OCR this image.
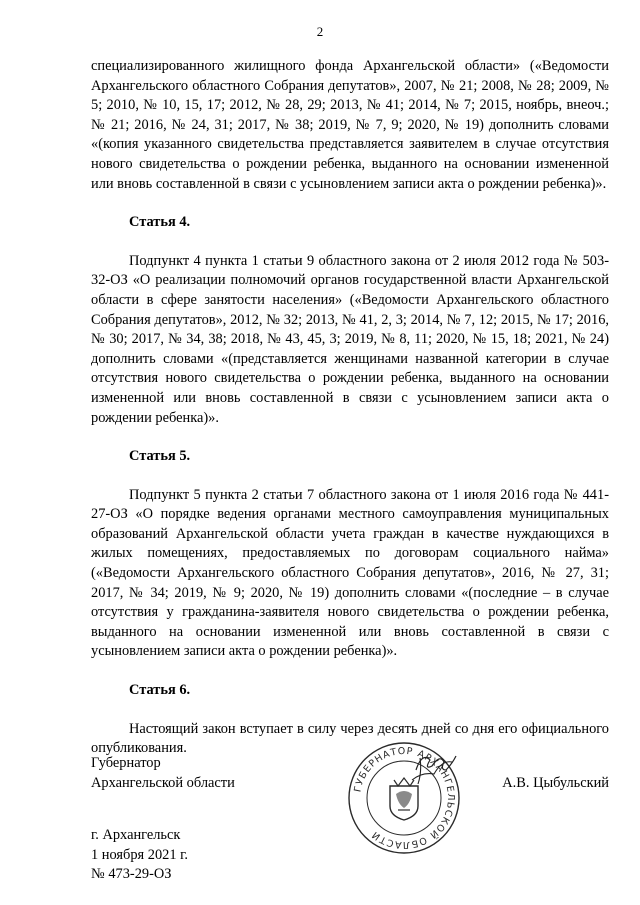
2

специализированного жилищного фонда Архангельской области» («Ведомости Архангельского областного Собрания депутатов», 2007, № 21; 2008, № 28; 2009, № 5; 2010, № 10, 15, 17; 2012, № 28, 29; 2013, № 41; 2014, № 7; 2015, ноябрь, внеоч.; № 21; 2016, № 24, 31; 2017, № 38; 2019, № 7, 9; 2020, № 19) дополнить словами «(копия указанного свидетельства представляется заявителем в случае отсутствия нового свидетельства о рождении ребенка, выданного на основании измененной или вновь составленной в связи с усыновлением записи акта о рождении ребенка)».

Статья 4.

Подпункт 4 пункта 1 статьи 9 областного закона от 2 июля 2012 года № 503-32-ОЗ «О реализации полномочий органов государственной власти Архангельской области в сфере занятости населения» («Ведомости Архангельского областного Собрания депутатов», 2012, № 32; 2013, № 41, 2, 3; 2014, № 7, 12; 2015, № 17; 2016, № 30; 2017, № 34, 38; 2018, № 43, 45, 3; 2019, № 8, 11; 2020, № 15, 18; 2021, № 24) дополнить словами «(представляется женщинами названной категории в случае отсутствия нового свидетельства о рождении ребенка, выданного на основании измененной или вновь составленной в связи с усыновлением записи акта о рождении ребенка)».

Статья 5.

Подпункт 5 пункта 2 статьи 7 областного закона от 1 июля 2016 года № 441-27-ОЗ «О порядке ведения органами местного самоуправления муниципальных образований Архангельской области учета граждан в качестве нуждающихся в жилых помещениях, предоставляемых по договорам социального найма» («Ведомости Архангельского областного Собрания депутатов», 2016, № 27, 31; 2017, № 34; 2019, № 9; 2020, № 19) дополнить словами «(последние – в случае отсутствия у гражданина-заявителя нового свидетельства о рождении ребенка, выданного на основании измененной или вновь составленной в связи с усыновлением записи акта о рождении ребенка)».

Статья 6.

Настоящий закон вступает в силу через десять дней со дня его официального опубликования.

Губернатор
Архангельской области	А.В. Цыбульский
ГУБЕРНАТОР АРХАНГЕЛЬСКОЙ ОБЛАСТИ
г. Архангельск
1 ноября 2021 г.
№ 473-29-ОЗ
